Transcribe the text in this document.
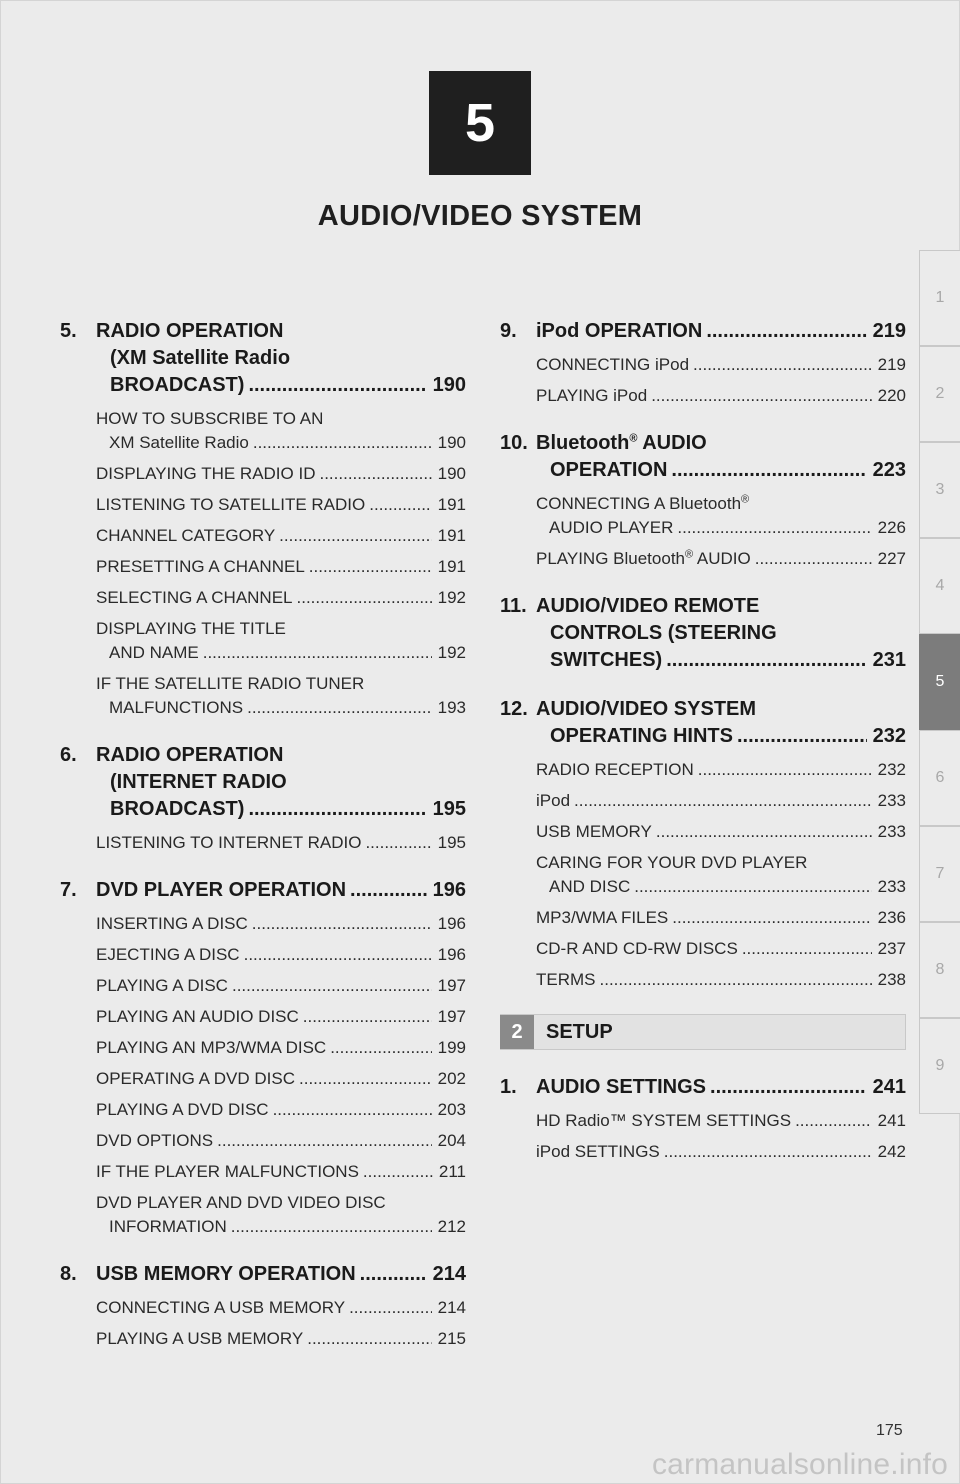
5
AUDIO/VIDEO SYSTEM
1
2
3
4
5
6
7
8
9
5. RADIO OPERATION
(XM Satellite Radio
BROADCAST) .....	190
HOW TO SUBSCRIBE TO AN
XM Satellite Radio .....	190
DISPLAYING THE RADIO ID .....	190
LISTENING TO SATELLITE RADIO .....	191
CHANNEL CATEGORY .....	191
PRESETTING A CHANNEL .....	191
SELECTING A CHANNEL .....	192
DISPLAYING THE TITLE
AND NAME .....	192
IF THE SATELLITE RADIO TUNER
MALFUNCTIONS .....	193
6. RADIO OPERATION
(INTERNET RADIO
BROADCAST) .....	195
LISTENING TO INTERNET RADIO .....	195
7. DVD PLAYER OPERATION .....	196
INSERTING A DISC .....	196
EJECTING A DISC .....	196
PLAYING A DISC .....	197
PLAYING AN AUDIO DISC .....	197
PLAYING AN MP3/WMA DISC .....	199
OPERATING A DVD DISC .....	202
PLAYING A DVD DISC .....	203
DVD OPTIONS .....	204
IF THE PLAYER MALFUNCTIONS .....	211
DVD PLAYER AND DVD VIDEO DISC
INFORMATION .....	212
8. USB MEMORY OPERATION .....	214
CONNECTING A USB MEMORY .....	214
PLAYING A USB MEMORY .....	215
9. iPod OPERATION .....	219
CONNECTING iPod .....	219
PLAYING iPod .....	220
10. Bluetooth® AUDIO
OPERATION .....	223
CONNECTING A Bluetooth®
AUDIO PLAYER .....	226
PLAYING Bluetooth® AUDIO .....	227
11. AUDIO/VIDEO REMOTE
CONTROLS (STEERING
SWITCHES) .....	231
12. AUDIO/VIDEO SYSTEM
OPERATING HINTS .....	232
RADIO RECEPTION .....	232
iPod .....	233
USB MEMORY .....	233
CARING FOR YOUR DVD PLAYER
AND DISC .....	233
MP3/WMA FILES .....	236
CD-R AND CD-RW DISCS .....	237
TERMS .....	238
2	SETUP
1. AUDIO SETTINGS .....	241
HD Radio™ SYSTEM SETTINGS .....	241
iPod SETTINGS .....	242
175
carmanualsonline.info
